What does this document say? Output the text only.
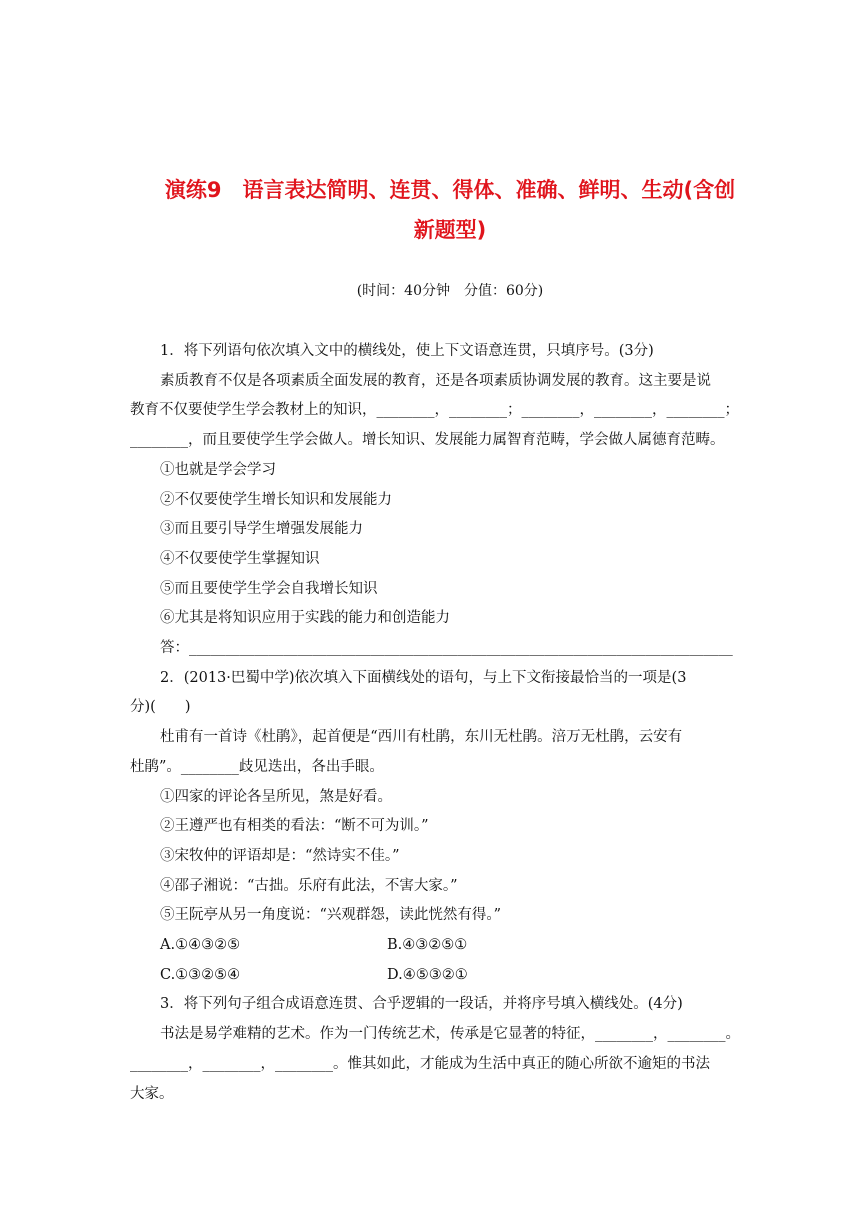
演练9　语言表达简明、连贯、得体、准确、鲜明、生动(含创
新题型)
(时间：40分钟　分值：60分)

1．将下列语句依次填入文中的横线处，使上下文语意连贯，只填序号。(3分)

素质教育不仅是各项素质全面发展的教育，还是各项素质协调发展的教育。这主要是说

教育不仅要使学生学会教材上的知识，________，________；________，________，________；

________，而且要使学生学会做人。增长知识、发展能力属智育范畴，学会做人属德育范畴。

①也就是学会学习

②不仅要使学生增长知识和发展能力

③而且要引导学生增强发展能力

④不仅要使学生掌握知识

⑤而且要使学生学会自我增长知识

⑥尤其是将知识应用于实践的能力和创造能力

答：___________________________________________________________________________

2．(2013·巴蜀中学)依次填入下面横线处的语句，与上下文衔接最恰当的一项是(3

分)(　　)

杜甫有一首诗《杜鹃》，起首便是“西川有杜鹃，东川无杜鹃。涪万无杜鹃，云安有

杜鹃”。________歧见迭出，各出手眼。

①四家的评论各呈所见，煞是好看。

②王遵严也有相类的看法：“断不可为训。”

③宋牧仲的评语却是：“然诗实不佳。”

④邵子湘说：“古拙。乐府有此法，不害大家。”

⑤王阮亭从另一角度说：“兴观群怨，读此恍然有得。”

A.①④③②⑤	B.④③②⑤①

C.①③②⑤④	D.④⑤③②①

3．将下列句子组合成语意连贯、合乎逻辑的一段话，并将序号填入横线处。(4分)

书法是易学难精的艺术。作为一门传统艺术，传承是它显著的特征，________，________。

________，________，________。惟其如此，才能成为生活中真正的随心所欲不逾矩的书法

大家。
